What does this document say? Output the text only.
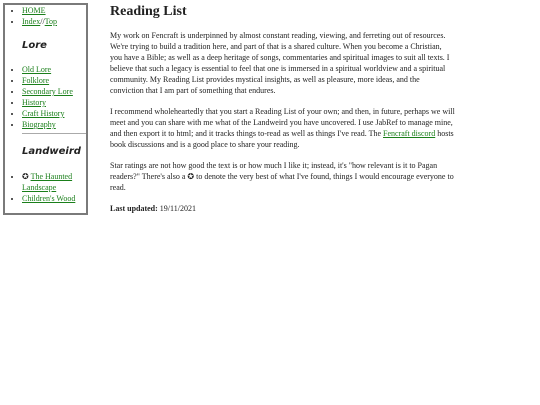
• HOME
• Index//Top
Lore
• Old Lore
• Folklore
• Secondary Lore
• History
• Craft History
• Biography
Landweird
• ✪ The Haunted Landscape
• Children's Wood
Reading List

My work on Fencraft is underpinned by almost constant reading, viewing, and ferreting out of resources. We're trying to build a tradition here, and part of that is a shared culture. When you become a Christian, you have a Bible; as well as a deep heritage of songs, commentaries and spiritual images to suit all texts. I believe that such a legacy is essential to feel that one is immersed in a spiritual worldview and a spiritual community. My Reading List provides mystical insights, as well as pleasure, more ideas, and the conviction that I am part of something that endures.

I recommend wholeheartedly that you start a Reading List of your own; and then, in future, perhaps we will meet and you can share with me what of the Landweird you have uncovered. I use JabRef to manage mine, and then export it to html; and it tracks things to-read as well as things I've read. The Fencraft discord hosts book discussions and is a good place to share your reading.

Star ratings are not how good the text is or how much I like it; instead, it's "how relevant is it to Pagan readers?" There's also a ✪ to denote the very best of what I've found, things I would encourage everyone to read.

Last updated: 19/11/2021
